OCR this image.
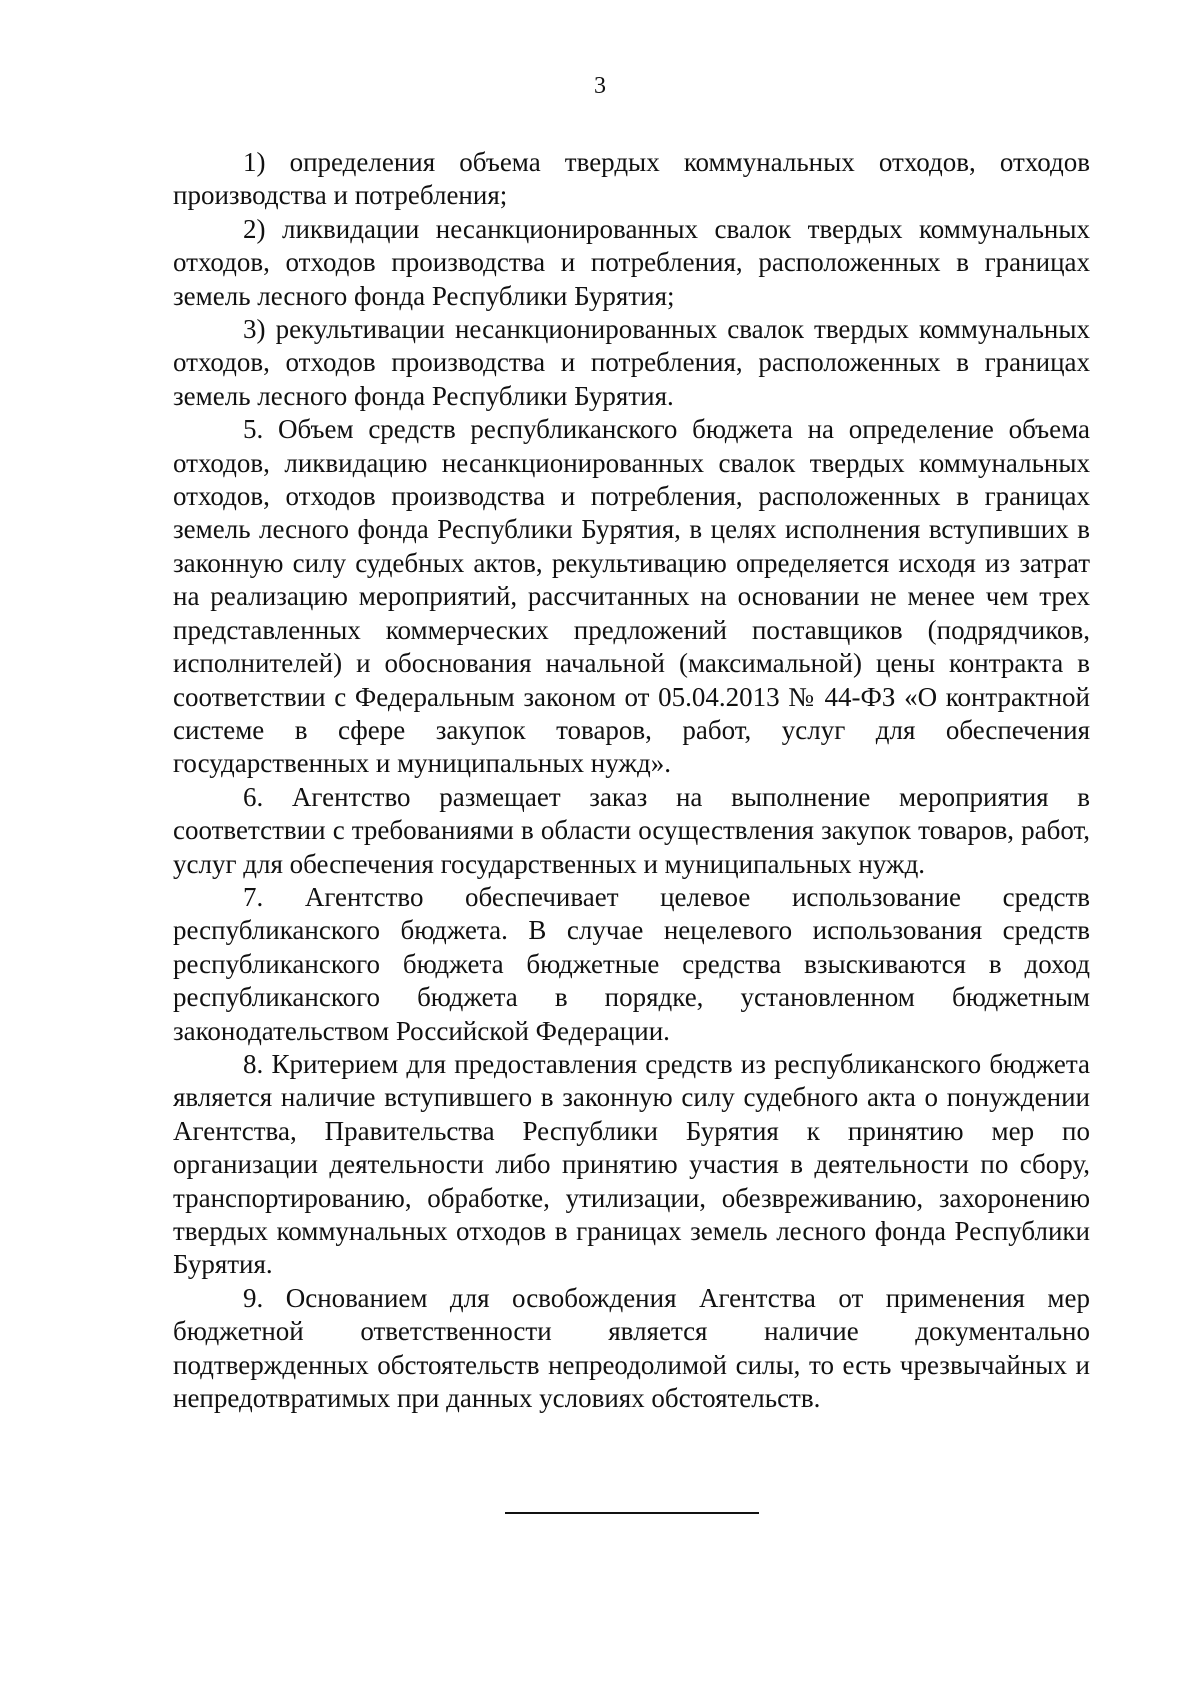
3

1) определения объема твердых коммунальных отходов, отходов производства и потребления;

2) ликвидации несанкционированных свалок твердых коммунальных отходов, отходов производства и потребления, расположенных в границах земель лесного фонда Республики Бурятия;

3) рекультивации несанкционированных свалок твердых коммунальных отходов, отходов производства и потребления, расположенных в границах земель лесного фонда Республики Бурятия.

5. Объем средств республиканского бюджета на определение объема отходов, ликвидацию несанкционированных свалок твердых коммунальных отходов, отходов производства и потребления, расположенных в границах земель лесного фонда Республики Бурятия, в целях исполнения вступивших в законную силу судебных актов, рекультивацию определяется исходя из затрат на реализацию мероприятий, рассчитанных на основании не менее чем трех представленных коммерческих предложений поставщиков (подрядчиков, исполнителей) и обоснования начальной (максимальной) цены контракта в соответствии с Федеральным законом от 05.04.2013 № 44-ФЗ «О контрактной системе в сфере закупок товаров, работ, услуг для обеспечения государственных и муниципальных нужд».

6. Агентство размещает заказ на выполнение мероприятия в соответствии с требованиями в области осуществления закупок товаров, работ, услуг для обеспечения государственных и муниципальных нужд.

7. Агентство обеспечивает целевое использование средств республиканского бюджета. В случае нецелевого использования средств республиканского бюджета бюджетные средства взыскиваются в доход республиканского бюджета в порядке, установленном бюджетным законодательством Российской Федерации.

8. Критерием для предоставления средств из республиканского бюджета является наличие вступившего в законную силу судебного акта о понуждении Агентства, Правительства Республики Бурятия к принятию мер по организации деятельности либо принятию участия в деятельности по сбору, транспортированию, обработке, утилизации, обезвреживанию, захоронению твердых коммунальных отходов в границах земель лесного фонда Республики Бурятия.

9. Основанием для освобождения Агентства от применения мер бюджетной ответственности является наличие документально подтвержденных обстоятельств непреодолимой силы, то есть чрезвычайных и непредотвратимых при данных условиях обстоятельств.
